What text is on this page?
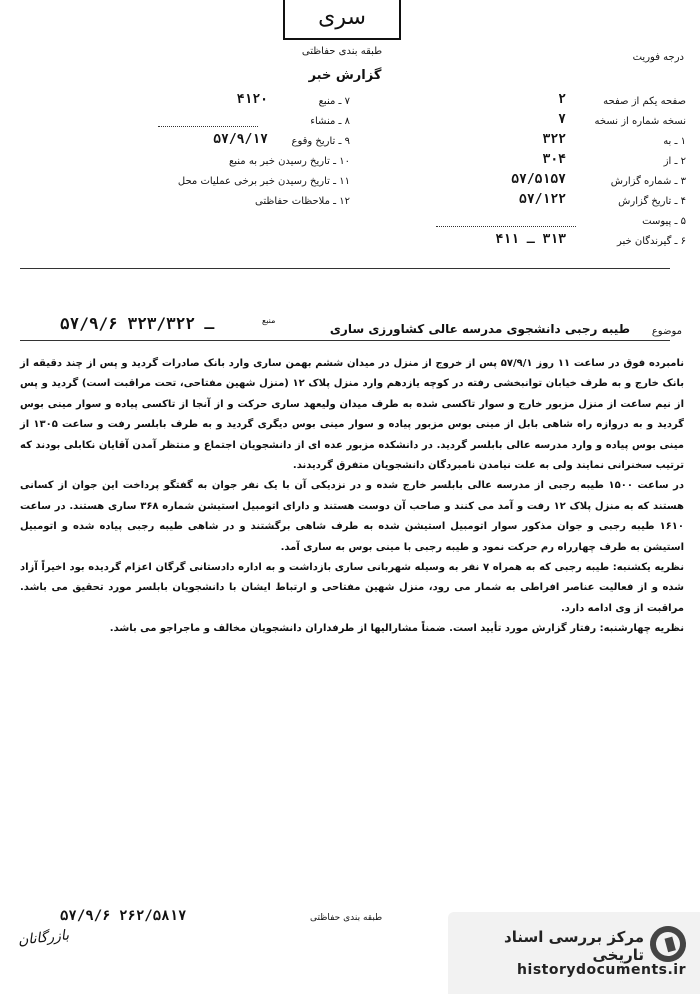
سری
طبقه بندی حفاظتی
گزارش خبر
درجه فوریت
صفحه یکم از صفحه
۲
نسخه شماره از نسخه
۷
۱ ـ به
۳۲۲
۲ ـ از
۳۰۴
۳ ـ شماره گزارش
۵۷/۵۱۵۷
۴ ـ تاریخ گزارش
۵۷/۱۲۲
۵ ـ پیوست
۶ ـ گیرندگان خبر
۳۱۳ ـ ۴۱۱
۷ ـ منبع
۴۱۲۰
۸ ـ منشاء
۹ ـ تاریخ وقوع
۵۷/۹/۱۷
۱۰ ـ تاریخ رسیدن خبر به منبع
۱۱ ـ تاریخ رسیدن خبر برخی عملیات محل
۱۲ ـ ملاحظات حفاظتی
موضوع
طیبه رجبی دانشجوی مدرسه عالی کشاورزی ساری
منبع
۵۷/۹/۶ ـ ۳۲۳/۳۲۲

نامبرده فوق در ساعت ۱۱ روز ۵۷/۹/۱ پس از خروج از منزل در میدان ششم بهمن ساری وارد بانک صادرات گردید و پس از چند دقیقه از بانک خارج و به طرف خیابان توانبخشی رفته در کوچه یازدهم وارد منزل پلاک ۱۲ (منزل شهین مفتاحی، تحت مراقبت است) گردید و پس از نیم ساعت از منزل مزبور خارج و سوار تاکسی شده به طرف میدان ولیعهد ساری حرکت و از آنجا از تاکسی پیاده و سوار مینی بوس گردید و به دروازه راه شاهی بابل از مینی بوس مزبور پیاده و سوار مینی بوس دیگری گردید و به طرف بابلسر رفت و ساعت ۱۳۰۵ از مینی بوس پیاده و وارد مدرسه عالی بابلسر گردید. در دانشکده مزبور عده ای از دانشجویان اجتماع و منتظر آمدن آقایان نکابلی بودند که ترتیب سخنرانی نمایند ولی به علت نیامدن نامبردگان دانشجویان متفرق گردیدند.

در ساعت ۱۵۰۰ طیبه رجبی از مدرسه عالی بابلسر خارج شده و در نزدیکی آن با یک نفر جوان به گفتگو پرداخت این جوان از کسانی هستند که به منزل پلاک ۱۲ رفت و آمد می کنند و صاحب آن دوست هستند و دارای اتومبیل استیشن شماره ۳۶۸ ساری هستند. در ساعت ۱۶۱۰ طیبه رجبی و جوان مذکور سوار اتومبیل استیشن شده به طرف شاهی برگشتند و در شاهی طیبه رجبی پیاده شده و اتومبیل استیشن به طرف چهارراه رم حرکت نمود و طیبه رجبی با مینی بوس به ساری آمد.

نظریه یکشنبه: طیبه رجبی که به همراه ۷ نفر به وسیله شهربانی ساری بازداشت و به اداره دادستانی گرگان اعزام گردیده بود اخیراً آزاد شده و از فعالیت عناصر افراطی به شمار می رود، منزل شهین مفتاحی و ارتباط ایشان با دانشجویان بابلسر مورد تحقیق می باشد. مراقبت از وی ادامه دارد.

نظریه چهارشنبه: رفتار گزارش مورد تأیید است. ضمناً مشارالیها از طرفداران دانشجویان مخالف و ماجراجو می باشد.

۵۷/۹/۶ ۲۶۲/۵۸۱۷	طبقه بندی حفاظتی
بازرگانان	مرکز بررسی اسناد تاریخی
historydocuments.ir
